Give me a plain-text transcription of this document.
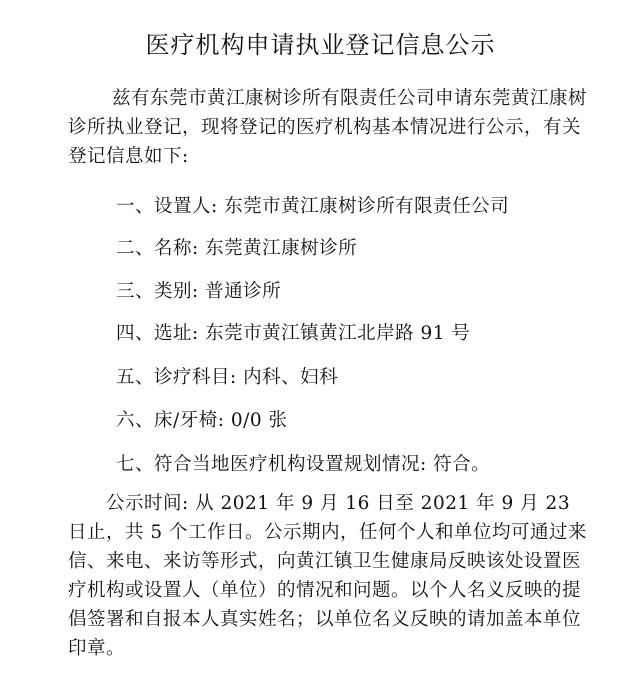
医疗机构申请执业登记信息公示
兹有东莞市黄江康树诊所有限责任公司申请东莞黄江康树诊所执业登记，现将登记的医疗机构基本情况进行公示，有关登记信息如下:
一、设置人: 东莞市黄江康树诊所有限责任公司
二、名称: 东莞黄江康树诊所
三、类别: 普通诊所
四、选址: 东莞市黄江镇黄江北岸路 91 号
五、诊疗科目: 内科、妇科
六、床/牙椅: 0/0 张
七、符合当地医疗机构设置规划情况: 符合。
公示时间: 从 2021 年 9 月 16 日至 2021 年 9 月 23 日止，共 5 个工作日。公示期内，任何个人和单位均可通过来信、来电、来访等形式，向黄江镇卫生健康局反映该处设置医疗机构或设置人（单位）的情况和问题。以个人名义反映的提倡签署和自报本人真实姓名；以单位名义反映的请加盖本单位印章。
